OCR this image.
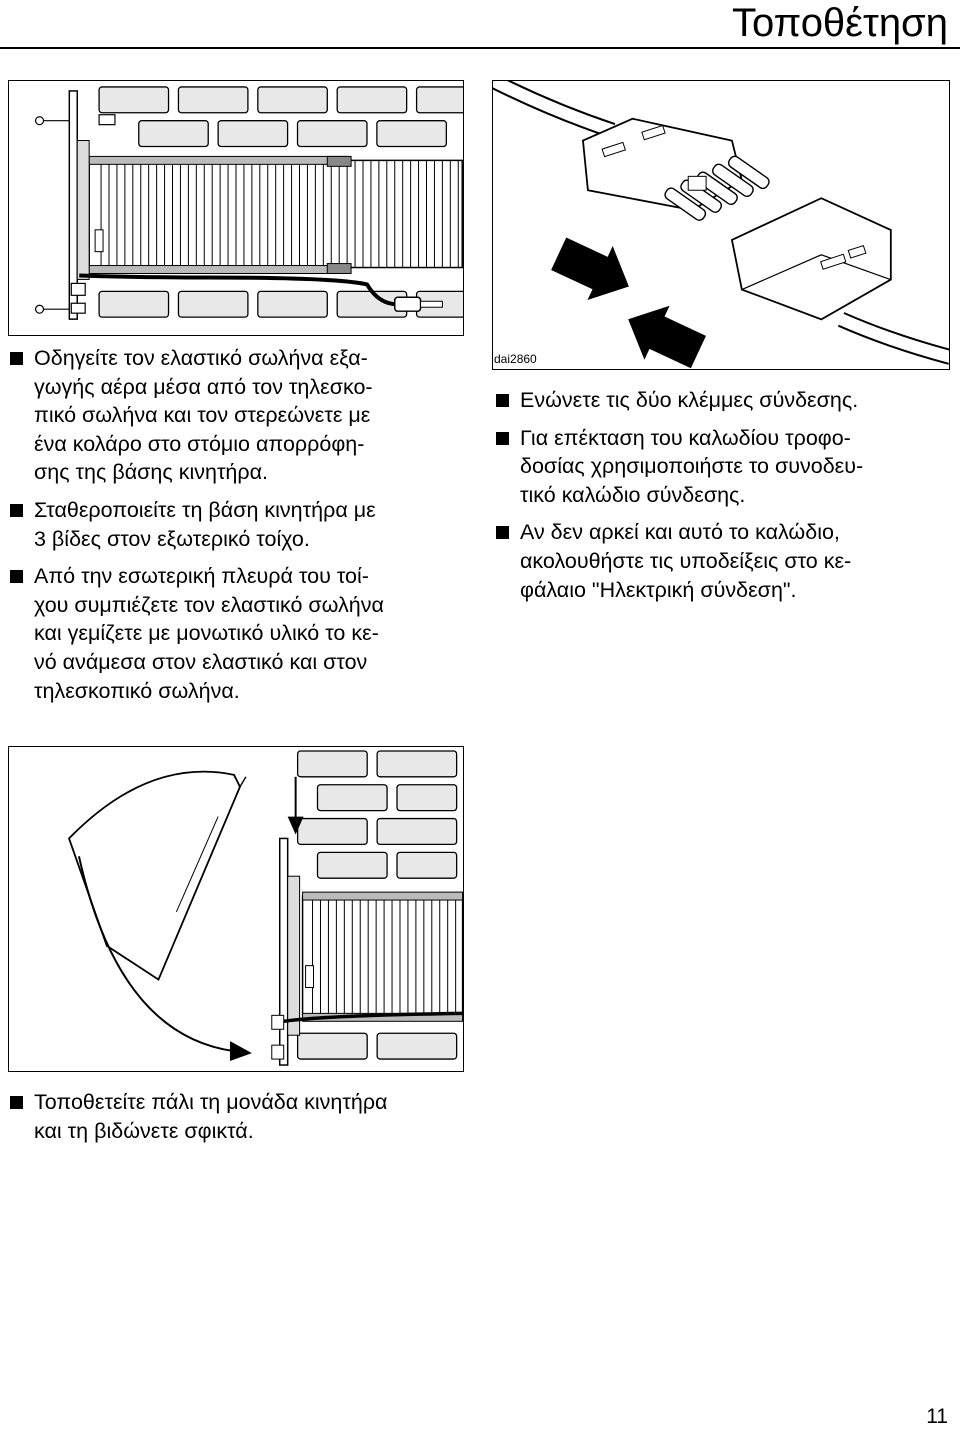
Τοποθέτηση
dai2860
Οδηγείτε τον ελαστικό σωλήνα εξα-
γωγής αέρα μέσα από τον τηλεσκο-
πικό σωλήνα και τον στερεώνετε με
ένα κολάρο στο στόμιο απορρόφη-
σης της βάσης κινητήρα.
Σταθεροποιείτε τη βάση κινητήρα με
3 βίδες στον εξωτερικό τοίχο.
Από την εσωτερική πλευρά του τοί-
χου συμπιέζετε τον ελαστικό σωλήνα
και γεμίζετε με μονωτικό υλικό το κε-
νό ανάμεσα στον ελαστικό και στον
τηλεσκοπικό σωλήνα.
Ενώνετε τις δύο κλέμμες σύνδεσης.
Για επέκταση του καλωδίου τροφο-
δοσίας χρησιμοποιήστε το συνοδευ-
τικό καλώδιο σύνδεσης.
Αν δεν αρκεί και αυτό το καλώδιο,
ακολουθήστε τις υποδείξεις στο κε-
φάλαιο "Ηλεκτρική σύνδεση".
Τοποθετείτε πάλι τη μονάδα κινητήρα
και τη βιδώνετε σφικτά.
11
